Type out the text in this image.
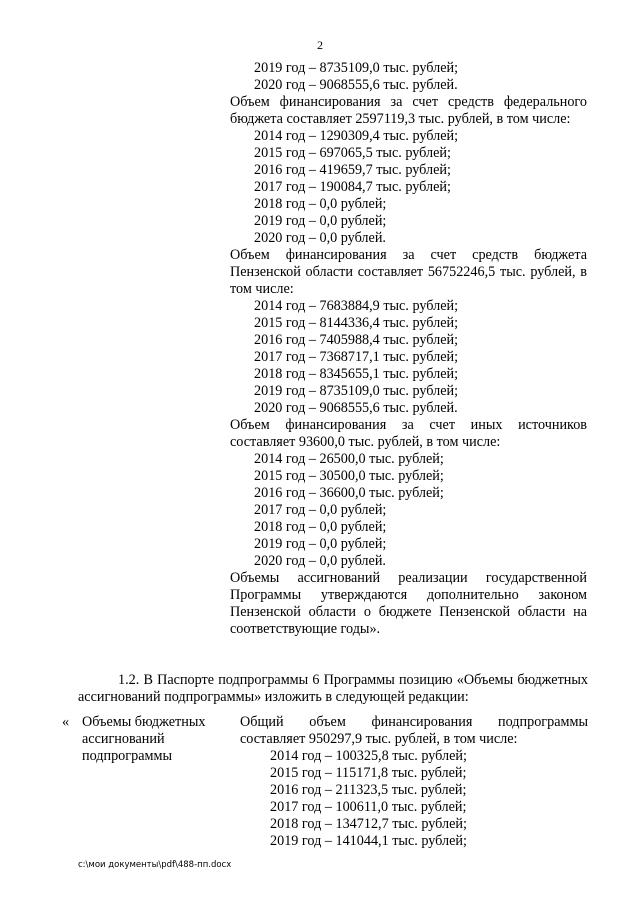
2
2019 год – 8735109,0 тыс. рублей;
2020 год – 9068555,6 тыс. рублей.
Объем финансирования за счет средств федерального бюджета составляет 2597119,3 тыс. рублей, в том числе:
2014 год – 1290309,4 тыс. рублей;
2015 год – 697065,5 тыс. рублей;
2016 год – 419659,7 тыс. рублей;
2017 год – 190084,7 тыс. рублей;
2018 год – 0,0 рублей;
2019 год – 0,0 рублей;
2020 год – 0,0 рублей.
Объем финансирования за счет средств бюджета Пензенской области составляет 56752246,5 тыс. рублей, в том числе:
2014 год – 7683884,9 тыс. рублей;
2015 год – 8144336,4 тыс. рублей;
2016 год – 7405988,4 тыс. рублей;
2017 год – 7368717,1 тыс. рублей;
2018 год – 8345655,1 тыс. рублей;
2019 год – 8735109,0 тыс. рублей;
2020 год – 9068555,6 тыс. рублей.
Объем финансирования за счет иных источников составляет 93600,0 тыс. рублей, в том числе:
2014 год – 26500,0 тыс. рублей;
2015 год – 30500,0 тыс. рублей;
2016 год – 36600,0 тыс. рублей;
2017 год – 0,0 рублей;
2018 год – 0,0 рублей;
2019 год – 0,0 рублей;
2020 год – 0,0 рублей.
Объемы ассигнований реализации государственной Программы утверждаются дополнительно законом Пензенской области о бюджете Пензенской области на соответствующие годы».
1.2. В Паспорте подпрограммы 6 Программы позицию «Объемы бюджетных ассигнований подпрограммы» изложить в следующей редакции:
« Объемы бюджетных ассигнований подпрограммы
Общий объем финансирования подпрограммы составляет 950297,9 тыс. рублей, в том числе:
2014 год – 100325,8 тыс. рублей;
2015 год – 115171,8 тыс. рублей;
2016 год – 211323,5 тыс. рублей;
2017 год – 100611,0 тыс. рублей;
2018 год – 134712,7 тыс. рублей;
2019 год – 141044,1 тыс. рублей;
c:\мои документы\pdf\488-пп.docx
